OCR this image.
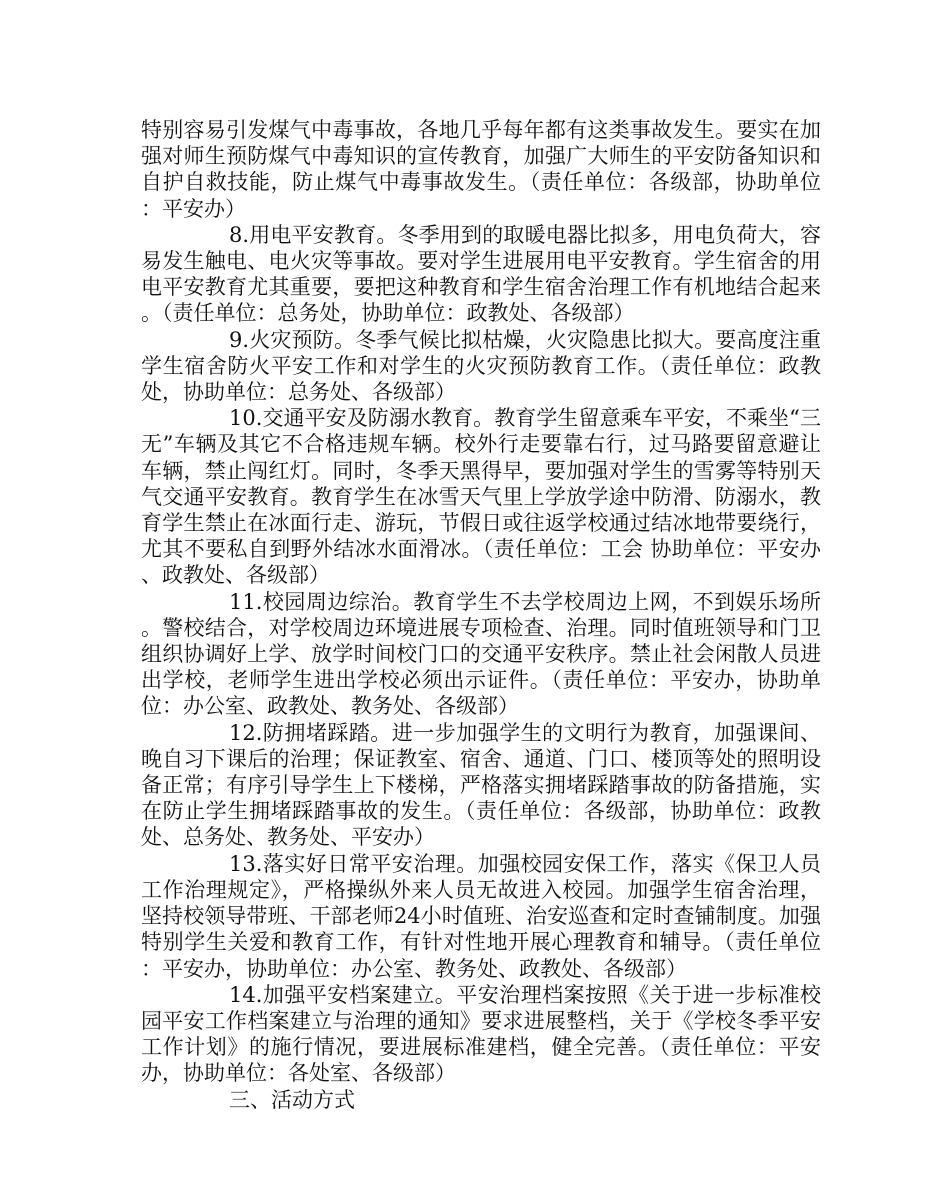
特别容易引发煤气中毒事故，各地几乎每年都有这类事故发生。要实在加强对师生预防煤气中毒知识的宣传教育，加强广大师生的平安防备知识和自护自救技能，防止煤气中毒事故发生。（责任单位：各级部，协助单位：平安办）

8.用电平安教育。冬季用到的取暖电器比拟多，用电负荷大，容易发生触电、电火灾等事故。要对学生进展用电平安教育。学生宿舍的用电平安教育尤其重要，要把这种教育和学生宿舍治理工作有机地结合起来。（责任单位：总务处，协助单位：政教处、各级部）

9.火灾预防。冬季气候比拟枯燥，火灾隐患比拟大。要高度注重学生宿舍防火平安工作和对学生的火灾预防教育工作。（责任单位：政教处，协助单位：总务处、各级部）

10.交通平安及防溺水教育。教育学生留意乘车平安，不乘坐“三无”车辆及其它不合格违规车辆。校外行走要靠右行，过马路要留意避让车辆，禁止闯红灯。同时，冬季天黑得早，要加强对学生的雪雾等特别天气交通平安教育。教育学生在冰雪天气里上学放学途中防滑、防溺水，教育学生禁止在冰面行走、游玩，节假日或往返学校通过结冰地带要绕行，尤其不要私自到野外结冰水面滑冰。（责任单位：工会 协助单位：平安办、政教处、各级部）

11.校园周边综治。教育学生不去学校周边上网，不到娱乐场所。警校结合，对学校周边环境进展专项检查、治理。同时值班领导和门卫组织协调好上学、放学时间校门口的交通平安秩序。禁止社会闲散人员进出学校，老师学生进出学校必须出示证件。（责任单位：平安办，协助单位：办公室、政教处、教务处、各级部）

12.防拥堵踩踏。进一步加强学生的文明行为教育，加强课间、晚自习下课后的治理；保证教室、宿舍、通道、门口、楼顶等处的照明设备正常；有序引导学生上下楼梯，严格落实拥堵踩踏事故的防备措施，实在防止学生拥堵踩踏事故的发生。（责任单位：各级部，协助单位：政教处、总务处、教务处、平安办）

13.落实好日常平安治理。加强校园安保工作，落实《保卫人员工作治理规定》，严格操纵外来人员无故进入校园。加强学生宿舍治理，坚持校领导带班、干部老师24小时值班、治安巡查和定时查铺制度。加强特别学生关爱和教育工作，有针对性地开展心理教育和辅导。（责任单位：平安办，协助单位：办公室、教务处、政教处、各级部）

14.加强平安档案建立。平安治理档案按照《关于进一步标准校园平安工作档案建立与治理的通知》要求进展整档，关于《学校冬季平安工作计划》的施行情况，要进展标准建档，健全完善。（责任单位：平安办，协助单位：各处室、各级部）

三、活动方式
